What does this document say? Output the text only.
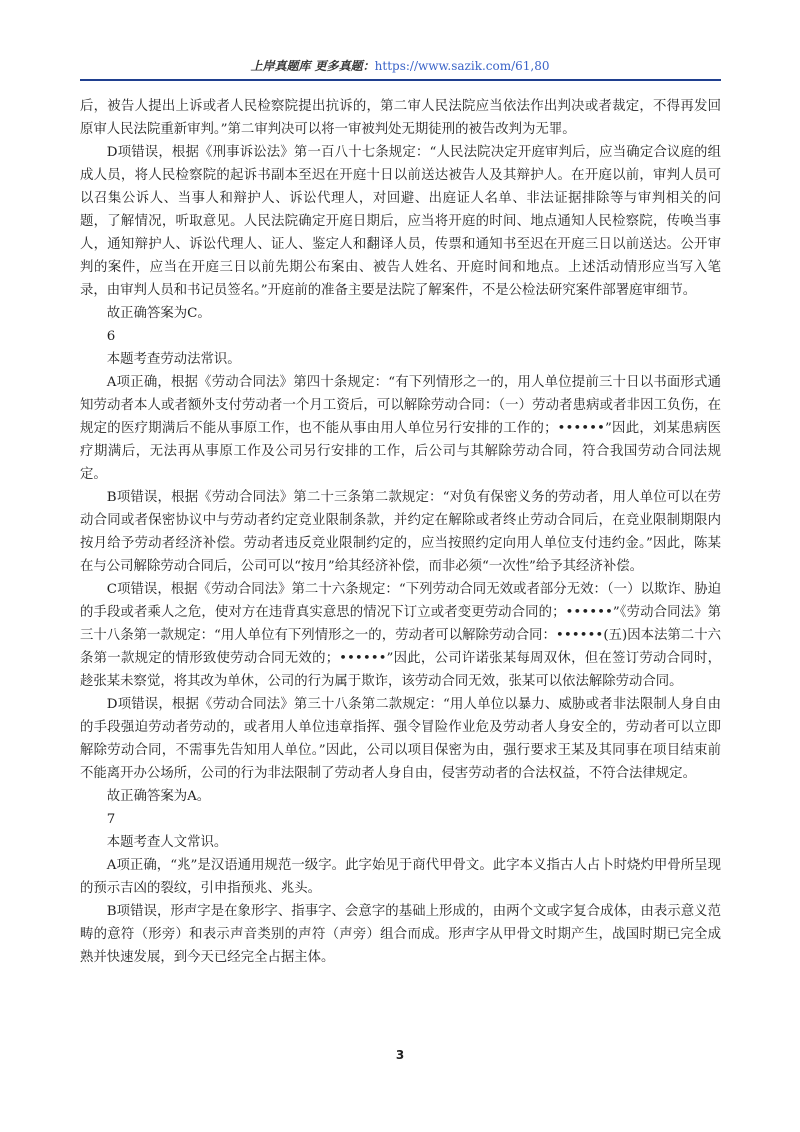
上岸真题库 更多真题：https://www.sazik.com/61,80

后，被告人提出上诉或者人民检察院提出抗诉的，第二审人民法院应当依法作出判决或者裁定，不得再发回原审人民法院重新审判。”第二审判决可以将一审被判处无期徒刑的被告改判为无罪。

D项错误，根据《刑事诉讼法》第一百八十七条规定：“人民法院决定开庭审判后，应当确定合议庭的组成人员，将人民检察院的起诉书副本至迟在开庭十日以前送达被告人及其辩护人。在开庭以前，审判人员可以召集公诉人、当事人和辩护人、诉讼代理人，对回避、出庭证人名单、非法证据排除等与审判相关的问题，了解情况，听取意见。人民法院确定开庭日期后，应当将开庭的时间、地点通知人民检察院，传唤当事人，通知辩护人、诉讼代理人、证人、鉴定人和翻译人员，传票和通知书至迟在开庭三日以前送达。公开审判的案件，应当在开庭三日以前先期公布案由、被告人姓名、开庭时间和地点。上述活动情形应当写入笔录，由审判人员和书记员签名。”开庭前的准备主要是法院了解案件，不是公检法研究案件部署庭审细节。

故正确答案为C。

6

本题考查劳动法常识。

A项正确，根据《劳动合同法》第四十条规定：“有下列情形之一的，用人单位提前三十日以书面形式通知劳动者本人或者额外支付劳动者一个月工资后，可以解除劳动合同：（一）劳动者患病或者非因工负伤，在规定的医疗期满后不能从事原工作，也不能从事由用人单位另行安排的工作的；••••••”因此，刘某患病医疗期满后，无法再从事原工作及公司另行安排的工作，后公司与其解除劳动合同，符合我国劳动合同法规定。

B项错误，根据《劳动合同法》第二十三条第二款规定：“对负有保密义务的劳动者，用人单位可以在劳动合同或者保密协议中与劳动者约定竞业限制条款，并约定在解除或者终止劳动合同后，在竞业限制期限内按月给予劳动者经济补偿。劳动者违反竞业限制约定的，应当按照约定向用人单位支付违约金。”因此，陈某在与公司解除劳动合同后，公司可以“按月”给其经济补偿，而非必须“一次性”给予其经济补偿。

C项错误，根据《劳动合同法》第二十六条规定：“下列劳动合同无效或者部分无效：（一）以欺诈、胁迫的手段或者乘人之危，使对方在违背真实意思的情况下订立或者变更劳动合同的；••••••”《劳动合同法》第三十八条第一款规定：“用人单位有下列情形之一的，劳动者可以解除劳动合同：••••••(五)因本法第二十六条第一款规定的情形致使劳动合同无效的；••••••”因此，公司许诺张某每周双休，但在签订劳动合同时，趁张某未察觉，将其改为单休，公司的行为属于欺诈，该劳动合同无效，张某可以依法解除劳动合同。

D项错误，根据《劳动合同法》第三十八条第二款规定：“用人单位以暴力、威胁或者非法限制人身自由的手段强迫劳动者劳动的，或者用人单位违章指挥、强令冒险作业危及劳动者人身安全的，劳动者可以立即解除劳动合同，不需事先告知用人单位。”因此，公司以项目保密为由，强行要求王某及其同事在项目结束前不能离开办公场所，公司的行为非法限制了劳动者人身自由，侵害劳动者的合法权益，不符合法律规定。

故正确答案为A。

7

本题考查人文常识。

A项正确，“兆”是汉语通用规范一级字。此字始见于商代甲骨文。此字本义指古人占卜时烧灼甲骨所呈现的预示吉凶的裂纹，引申指预兆、兆头。

B项错误，形声字是在象形字、指事字、会意字的基础上形成的，由两个文或字复合成体，由表示意义范畴的意符（形旁）和表示声音类别的声符（声旁）组合而成。形声字从甲骨文时期产生，战国时期已完全成熟并快速发展，到今天已经完全占据主体。

3
